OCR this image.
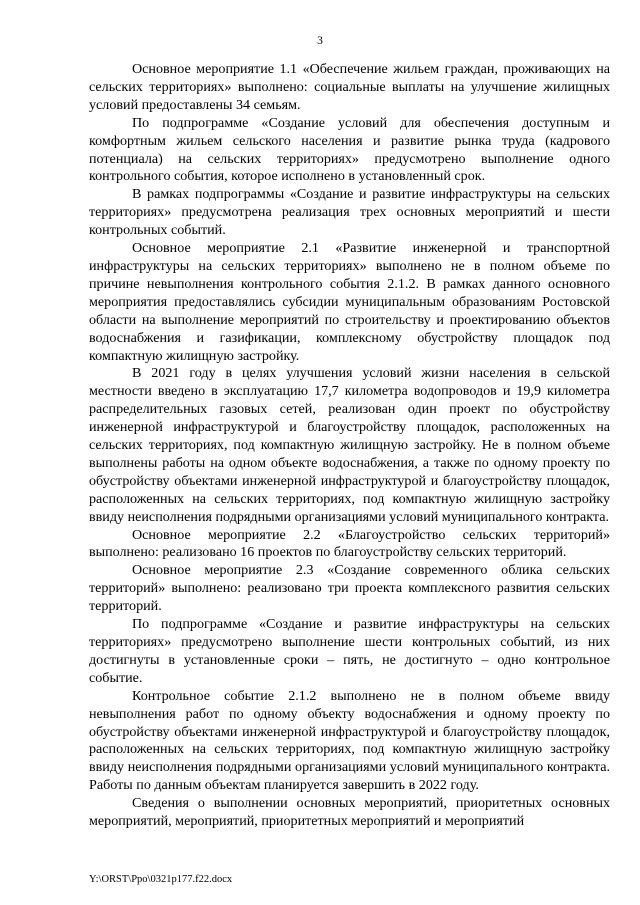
3

Основное мероприятие 1.1 «Обеспечение жильем граждан, проживающих на сельских территориях» выполнено: социальные выплаты на улучшение жилищных условий предоставлены 34 семьям.

По подпрограмме «Создание условий для обеспечения доступным и комфортным жильем сельского населения и развитие рынка труда (кадрового потенциала) на сельских территориях» предусмотрено выполнение одного контрольного события, которое исполнено в установленный срок.

В рамках подпрограммы «Создание и развитие инфраструктуры на сельских территориях» предусмотрена реализация трех основных мероприятий и шести контрольных событий.

Основное мероприятие 2.1 «Развитие инженерной и транспортной инфраструктуры на сельских территориях» выполнено не в полном объеме по причине невыполнения контрольного события 2.1.2. В рамках данного основного мероприятия предоставлялись субсидии муниципальным образованиям Ростовской области на выполнение мероприятий по строительству и проектированию объектов водоснабжения и газификации, комплексному обустройству площадок под компактную жилищную застройку.

В 2021 году в целях улучшения условий жизни населения в сельской местности введено в эксплуатацию 17,7 километра водопроводов и 19,9 километра распределительных газовых сетей, реализован один проект по обустройству инженерной инфраструктурой и благоустройству площадок, расположенных на сельских территориях, под компактную жилищную застройку. Не в полном объеме выполнены работы на одном объекте водоснабжения, а также по одному проекту по обустройству объектами инженерной инфраструктурой и благоустройству площадок, расположенных на сельских территориях, под компактную жилищную застройку ввиду неисполнения подрядными организациями условий муниципального контракта.

Основное мероприятие 2.2 «Благоустройство сельских территорий» выполнено: реализовано 16 проектов по благоустройству сельских территорий.

Основное мероприятие 2.3 «Создание современного облика сельских территорий» выполнено: реализовано три проекта комплексного развития сельских территорий.

По подпрограмме «Создание и развитие инфраструктуры на сельских территориях» предусмотрено выполнение шести контрольных событий, из них достигнуты в установленные сроки – пять, не достигнуто – одно контрольное событие.

Контрольное событие 2.1.2 выполнено не в полном объеме ввиду невыполнения работ по одному объекту водоснабжения и одному проекту по обустройству объектами инженерной инфраструктурой и благоустройству площадок, расположенных на сельских территориях, под компактную жилищную застройку ввиду неисполнения подрядными организациями условий муниципального контракта. Работы по данным объектам планируется завершить в 2022 году.

Сведения о выполнении основных мероприятий, приоритетных основных мероприятий, мероприятий, приоритетных мероприятий и мероприятий

Y:\ORST\Ppo\0321p177.f22.docx
